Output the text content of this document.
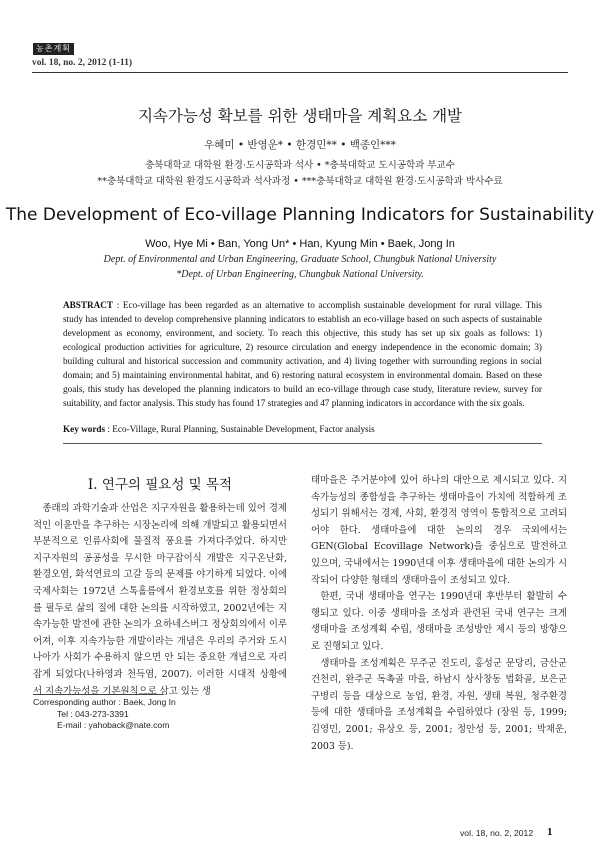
농촌계획
vol. 18, no. 2, 2012 (1-11)
지속가능성 확보를 위한 생태마을 계획요소 개발
우혜미 • 반영운* • 한경민** • 백종인***
충북대학교 대학원 환경·도시공학과 석사 • *충북대학교 도시공학과 부교수
**충북대학교 대학원 환경도시공학과 석사과정 • ***충북대학교 대학원 환경·도시공학과 박사수료
The Development of Eco-village Planning Indicators for Sustainability
Woo, Hye Mi • Ban, Yong Un* • Han, Kyung Min • Baek, Jong In
Dept. of Environmental and Urban Engineering, Graduate School, Chungbuk National University
*Dept. of Urban Engineering, Chungbuk National University.
ABSTRACT : Eco-village has been regarded as an alternative to accomplish sustainable development for rural village. This study has intended to develop comprehensive planning indicators to establish an eco-village based on such aspects of sustainable development as economy, environment, and society. To reach this objective, this study has set up six goals as follows: 1) ecological production activities for agriculture, 2) resource circulation and energy independence in the economic domain; 3) building cultural and historical succession and community activation, and 4) living together with surrounding regions in social domain; and 5) maintaining environmental habitat, and 6) restoring natural ecosystem in environmental domain. Based on these goals, this study has developed the planning indicators to build an eco-village through case study, literature review, survey for suitability, and factor analysis. This study has found 17 strategies and 47 planning indicators in accordance with the six goals.
Key words : Eco-Village, Rural Planning, Sustainable Development, Factor analysis
I. 연구의 필요성 및 목적

종래의 과학기술과 산업은 지구자원을 활용하는데 있어 경제적인 이윤만을 추구하는 시장논리에 의해 개발되고 활용되면서 부분적으로 인류사회에 물질적 풍요를 가져다주었다. 하지만 지구자원의 공공성을 무시한 마구잡이식 개발은 지구온난화, 환경오염, 화석연료의 고갈 등의 문제를 야기하게 되었다. 이에 국제사회는 1972년 스톡홀름에서 환경보호를 위한 정상회의를 필두로 삶의 질에 대한 논의를 시작하였고, 2002년에는 지속가능한 발전에 관한 논의가 요하네스버그 정상회의에서 이루어져, 이후 지속가능한 개발이라는 개념은 우리의 주거와 도시 나아가 사회가 수용하지 않으면 안 되는 중요한 개념으로 자리 잡게 되었다(나하영과 천득염, 2007). 이러한 시대적 상황에서 지속가능성을 기본원칙으로 삼고 있는 생

태마을은 주거분야에 있어 하나의 대안으로 제시되고 있다. 지속가능성의 종합성을 추구하는 생태마을이 가치에 적합하게 조성되기 위해서는 경제, 사회, 환경적 영역이 통합적으로 고려되어야 한다. 생태마을에 대한 논의의 경우 국외에서는 GEN(Global Ecovillage Network)을 중심으로 발전하고 있으며, 국내에서는 1990년대 이후 생태마을에 대한 논의가 시작되어 다양한 형태의 생태마을이 조성되고 있다.

한편, 국내 생태마을 연구는 1990년대 후반부터 활발히 수행되고 있다. 이중 생태마을 조성과 관련된 국내 연구는 크게 생태마을 조성계획 수립, 생태마을 조성방안 제시 등의 방향으로 진행되고 있다.

생태마을 조성계획은 무주군 진도리, 홍성군 문당리, 금산군 건천리, 완주군 독촉골 마을, 하남시 상사창동 법화골, 보은군 구병리 등을 대상으로 농업, 환경, 자원, 생태 복원, 청주환경 등에 대한 생태마을 조성계획을 수립하였다 (장원 등, 1999; 김영민, 2001; 유상오 등, 2001; 정안성 등, 2001; 박채운, 2003 등).

Corresponding author : Baek, Jong In
Tel : 043-273-3391
E-mail : yahoback@nate.com
vol. 18, no. 2, 2012 1
